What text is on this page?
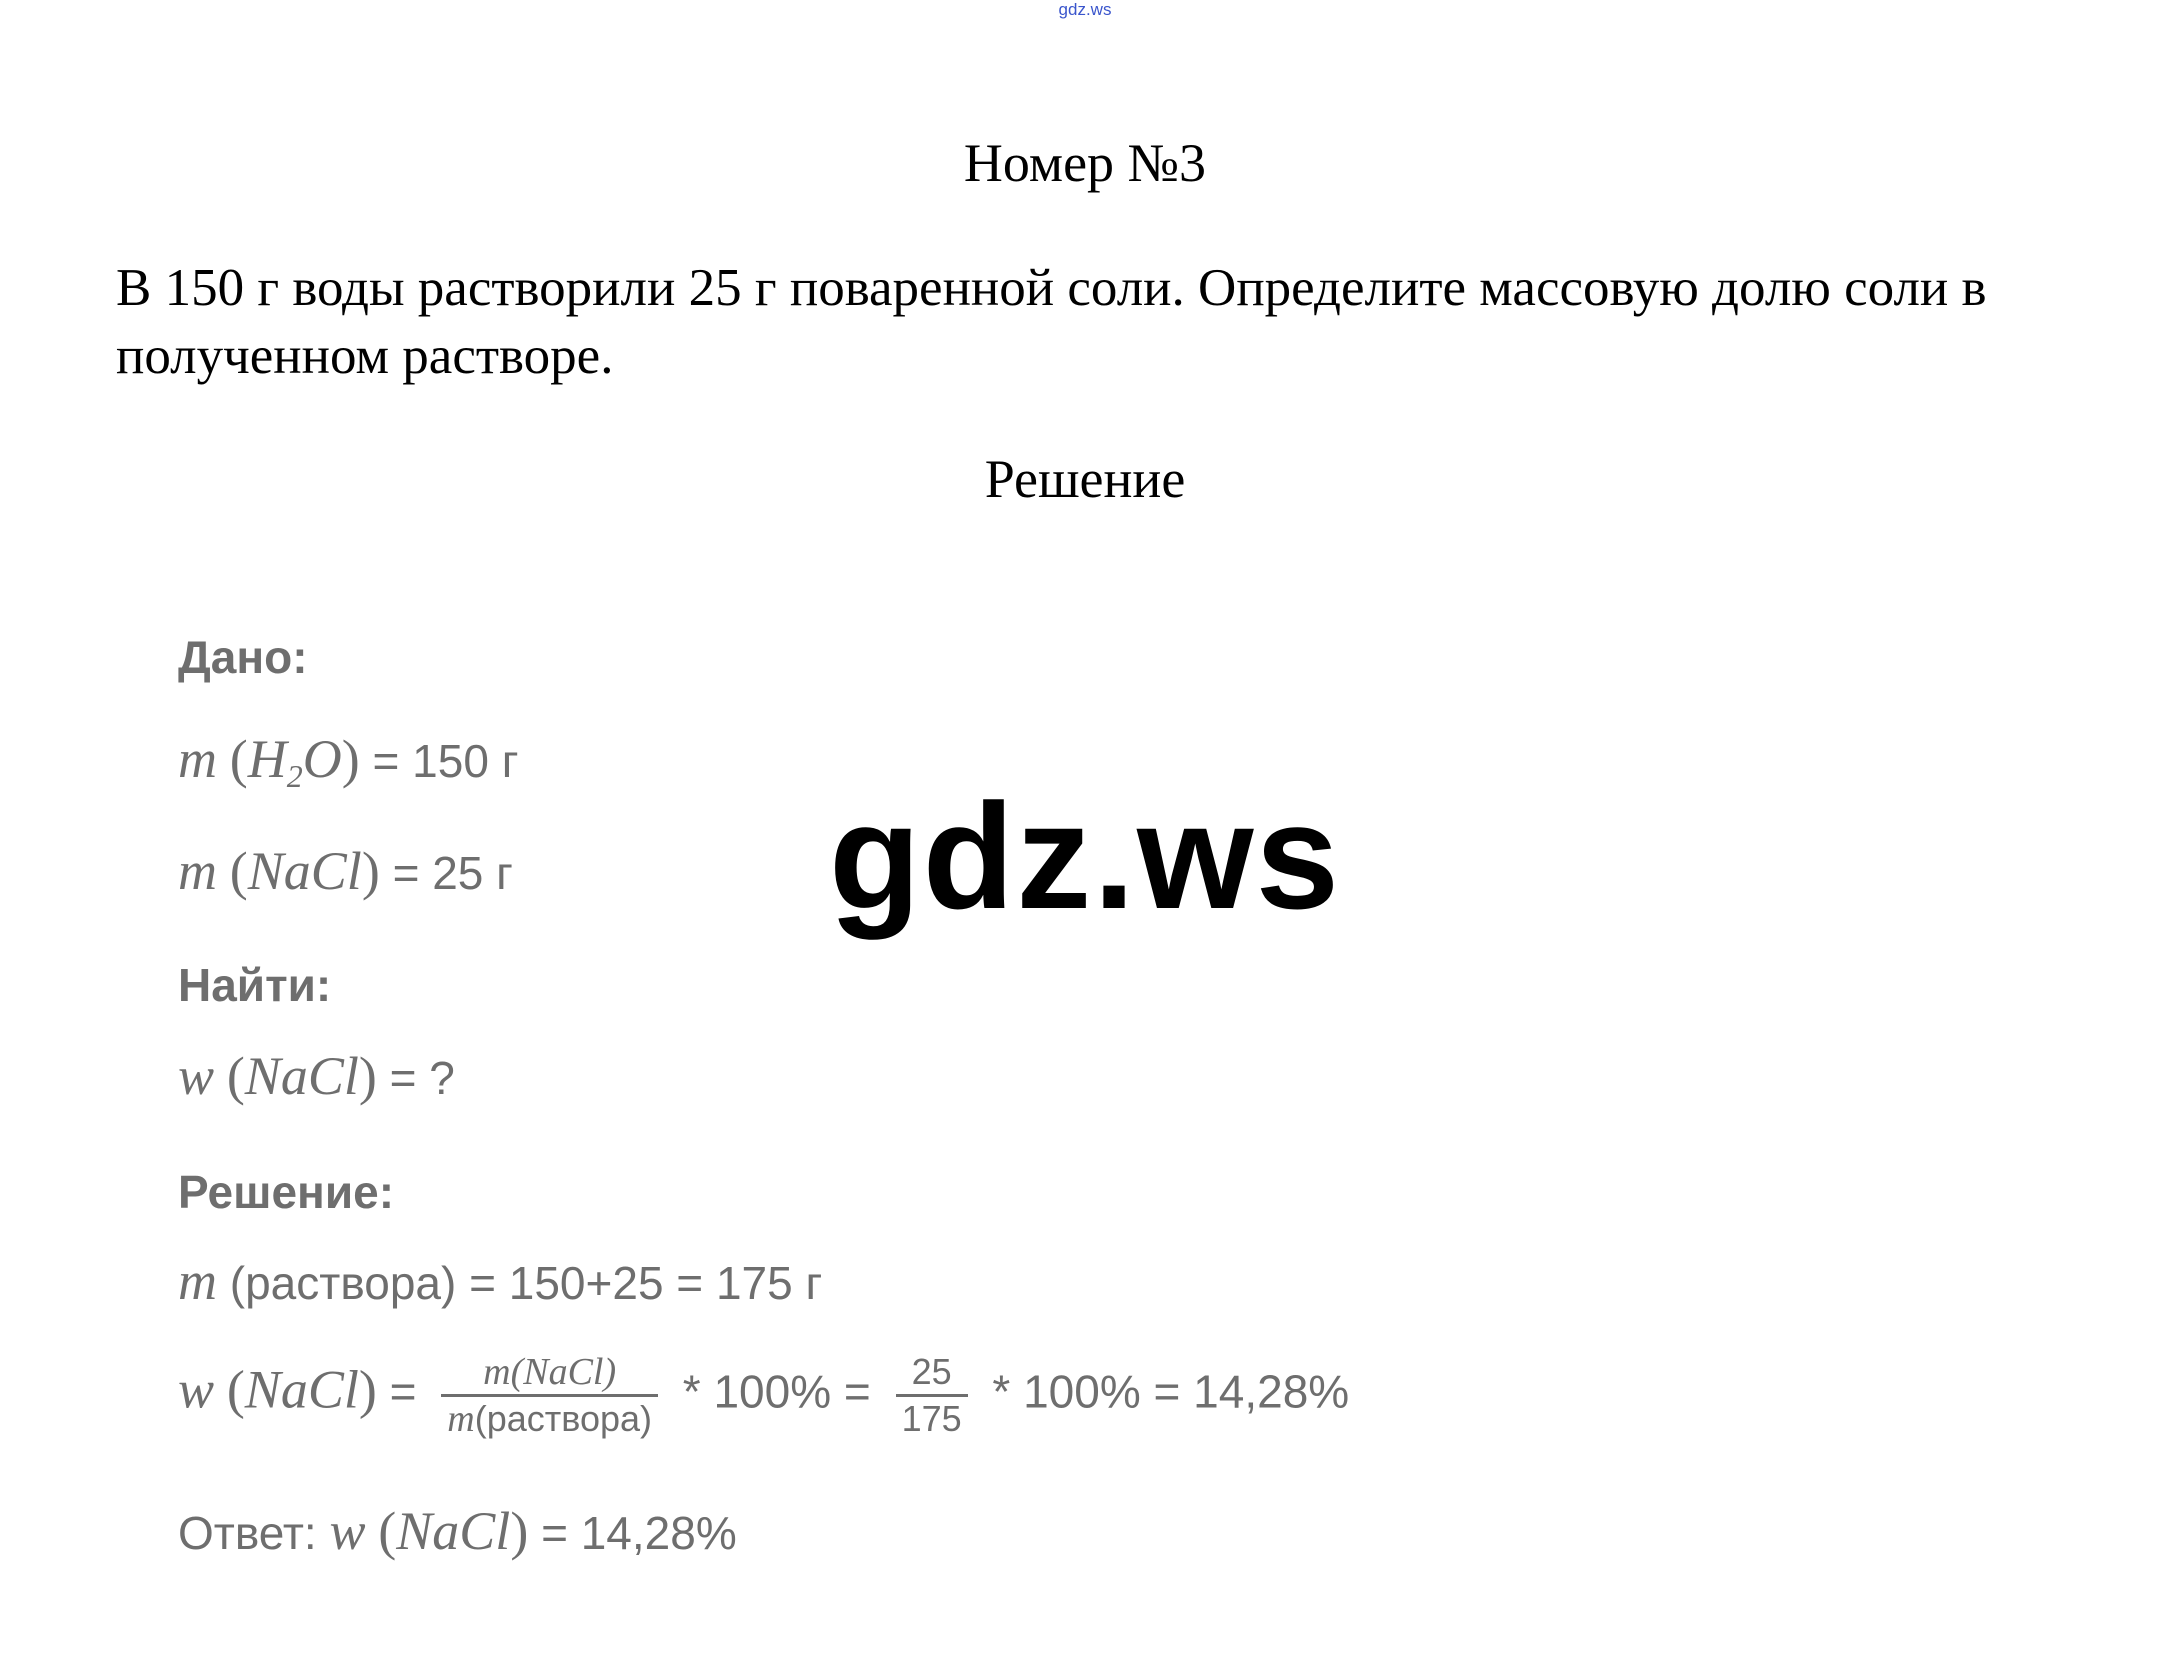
gdz.ws
Номер №3
В 150 г воды растворили 25 г поваренной соли. Определите массовую долю соли в полученном растворе.
Решение
Дано:
m $(H_2O) = 150$ г
m (NaCl) = 25 г
Найти:
w (NaCl) = ?
Решение:
m (раствора) = 150+25 = 175 г
w (NaCl) = $\frac{\text{m(NaCl)}}{\text{m(раствора)}} * 100\% = \frac{25}{175} * 100\% = 14,28\%$
Ответ: w (NaCl) = 14,28%
gdz.ws
